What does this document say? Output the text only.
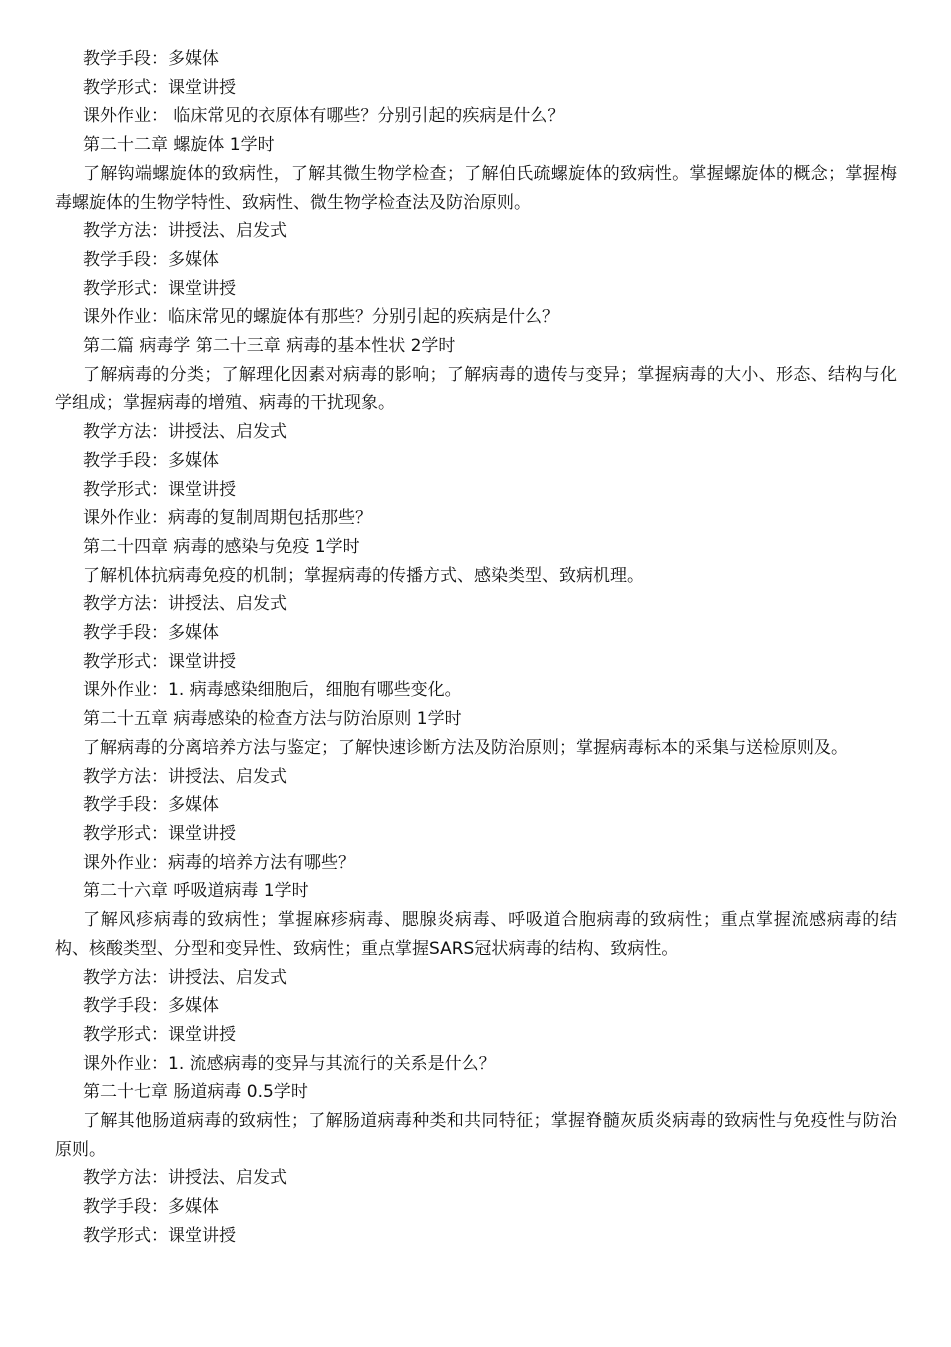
教学手段：多媒体

教学形式：课堂讲授

课外作业： 临床常见的衣原体有哪些？分别引起的疾病是什么？

第二十二章 螺旋体 1学时

了解钩端螺旋体的致病性，了解其微生物学检查；了解伯氏疏螺旋体的致病性。掌握螺旋体的概念；掌握梅毒螺旋体的生物学特性、致病性、微生物学检查法及防治原则。

教学方法：讲授法、启发式

教学手段：多媒体

教学形式：课堂讲授

课外作业：临床常见的螺旋体有那些？分别引起的疾病是什么？

第二篇 病毒学 第二十三章 病毒的基本性状 2学时

了解病毒的分类；了解理化因素对病毒的影响；了解病毒的遗传与变异；掌握病毒的大小、形态、结构与化学组成；掌握病毒的增殖、病毒的干扰现象。

教学方法：讲授法、启发式

教学手段：多媒体

教学形式：课堂讲授

课外作业：病毒的复制周期包括那些？

第二十四章 病毒的感染与免疫 1学时

了解机体抗病毒免疫的机制；掌握病毒的传播方式、感染类型、致病机理。

教学方法：讲授法、启发式

教学手段：多媒体

教学形式：课堂讲授

课外作业：1. 病毒感染细胞后，细胞有哪些变化。

第二十五章 病毒感染的检查方法与防治原则 1学时

了解病毒的分离培养方法与鉴定；了解快速诊断方法及防治原则；掌握病毒标本的采集与送检原则及。

教学方法：讲授法、启发式

教学手段：多媒体

教学形式：课堂讲授

课外作业：病毒的培养方法有哪些？

第二十六章 呼吸道病毒 1学时

了解风疹病毒的致病性；掌握麻疹病毒、腮腺炎病毒、呼吸道合胞病毒的致病性；重点掌握流感病毒的结构、核酸类型、分型和变异性、致病性；重点掌握SARS冠状病毒的结构、致病性。

教学方法：讲授法、启发式

教学手段：多媒体

教学形式：课堂讲授

课外作业：1. 流感病毒的变异与其流行的关系是什么？

第二十七章 肠道病毒 0.5学时

了解其他肠道病毒的致病性；了解肠道病毒种类和共同特征；掌握脊髓灰质炎病毒的致病性与免疫性与防治原则。

教学方法：讲授法、启发式

教学手段：多媒体

教学形式：课堂讲授
